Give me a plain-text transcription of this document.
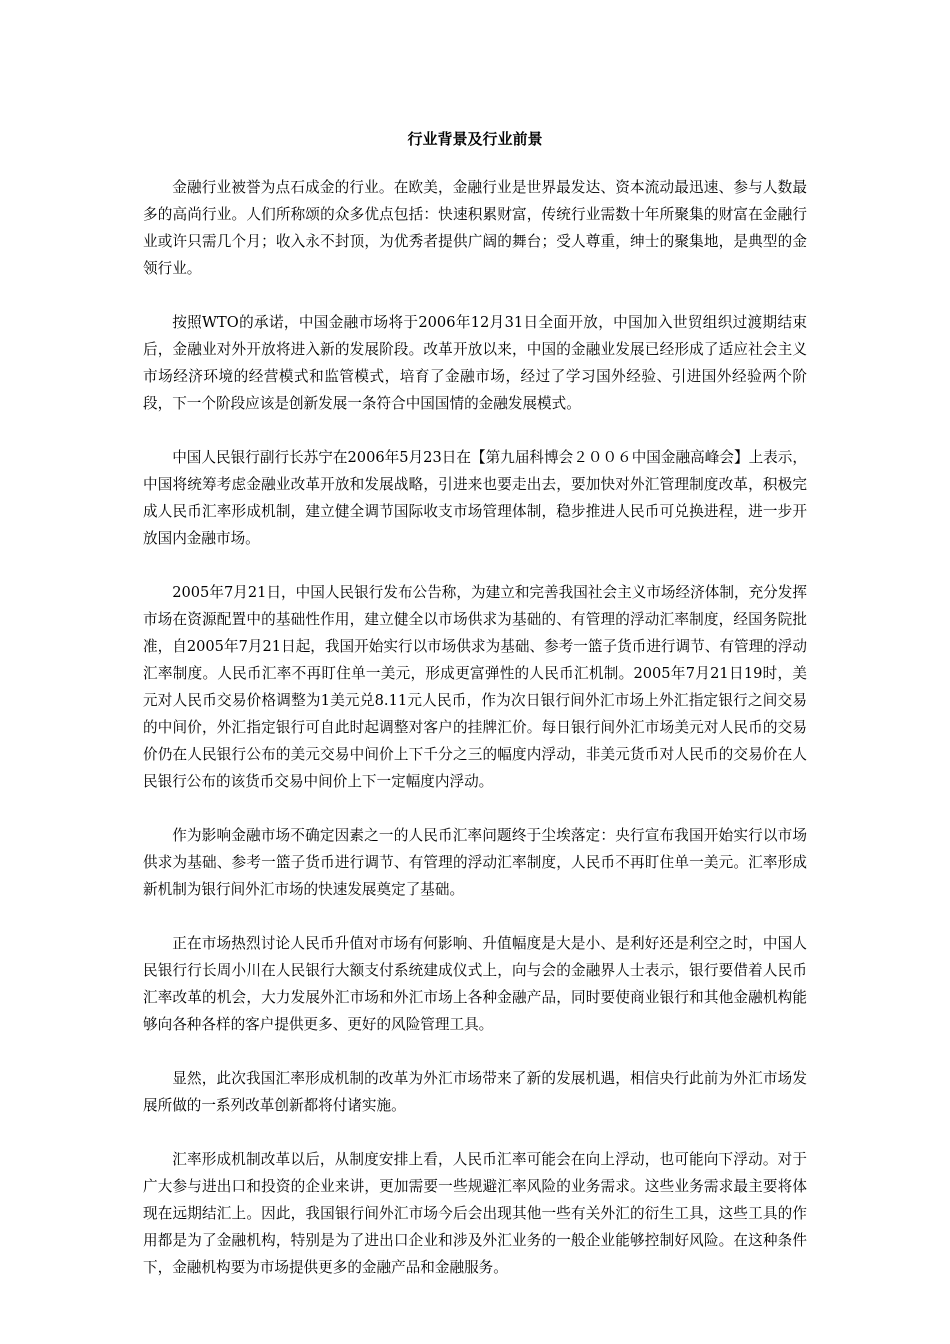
行业背景及行业前景

金融行业被誉为点石成金的行业。在欧美，金融行业是世界最发达、资本流动最迅速、参与人数最多的高尚行业。人们所称颂的众多优点包括：快速积累财富，传统行业需数十年所聚集的财富在金融行业或许只需几个月；收入永不封顶，为优秀者提供广阔的舞台；受人尊重，绅士的聚集地，是典型的金领行业。

按照WTO的承诺，中国金融市场将于2006年12月31日全面开放，中国加入世贸组织过渡期结束后，金融业对外开放将进入新的发展阶段。改革开放以来，中国的金融业发展已经形成了适应社会主义市场经济环境的经营模式和监管模式，培育了金融市场，经过了学习国外经验、引进国外经验两个阶段，下一个阶段应该是创新发展一条符合中国国情的金融发展模式。

中国人民银行副行长苏宁在2006年5月23日在【第九届科博会２００６中国金融高峰会】上表示，中国将统筹考虑金融业改革开放和发展战略，引进来也要走出去，要加快对外汇管理制度改革，积极完成人民币汇率形成机制，建立健全调节国际收支市场管理体制，稳步推进人民币可兑换进程，进一步开放国内金融市场。

2005年7月21日，中国人民银行发布公告称，为建立和完善我国社会主义市场经济体制，充分发挥市场在资源配置中的基础性作用，建立健全以市场供求为基础的、有管理的浮动汇率制度，经国务院批准，自2005年7月21日起，我国开始实行以市场供求为基础、参考一篮子货币进行调节、有管理的浮动汇率制度。人民币汇率不再盯住单一美元，形成更富弹性的人民币汇机制。2005年7月21日19时，美元对人民币交易价格调整为1美元兑8.11元人民币，作为次日银行间外汇市场上外汇指定银行之间交易的中间价，外汇指定银行可自此时起调整对客户的挂牌汇价。每日银行间外汇市场美元对人民币的交易价仍在人民银行公布的美元交易中间价上下千分之三的幅度内浮动，非美元货币对人民币的交易价在人民银行公布的该货币交易中间价上下一定幅度内浮动。

作为影响金融市场不确定因素之一的人民币汇率问题终于尘埃落定：央行宣布我国开始实行以市场供求为基础、参考一篮子货币进行调节、有管理的浮动汇率制度，人民币不再盯住单一美元。汇率形成新机制为银行间外汇市场的快速发展奠定了基础。

正在市场热烈讨论人民币升值对市场有何影响、升值幅度是大是小、是利好还是利空之时，中国人民银行行长周小川在人民银行大额支付系统建成仪式上，向与会的金融界人士表示，银行要借着人民币汇率改革的机会，大力发展外汇市场和外汇市场上各种金融产品，同时要使商业银行和其他金融机构能够向各种各样的客户提供更多、更好的风险管理工具。

显然，此次我国汇率形成机制的改革为外汇市场带来了新的发展机遇，相信央行此前为外汇市场发展所做的一系列改革创新都将付诸实施。

汇率形成机制改革以后，从制度安排上看，人民币汇率可能会在向上浮动，也可能向下浮动。对于广大参与进出口和投资的企业来讲，更加需要一些规避汇率风险的业务需求。这些业务需求最主要将体现在远期结汇上。因此，我国银行间外汇市场今后会出现其他一些有关外汇的衍生工具，这些工具的作用都是为了金融机构，特别是为了进出口企业和涉及外汇业务的一般企业能够控制好风险。在这种条件下，金融机构要为市场提供更多的金融产品和金融服务。
